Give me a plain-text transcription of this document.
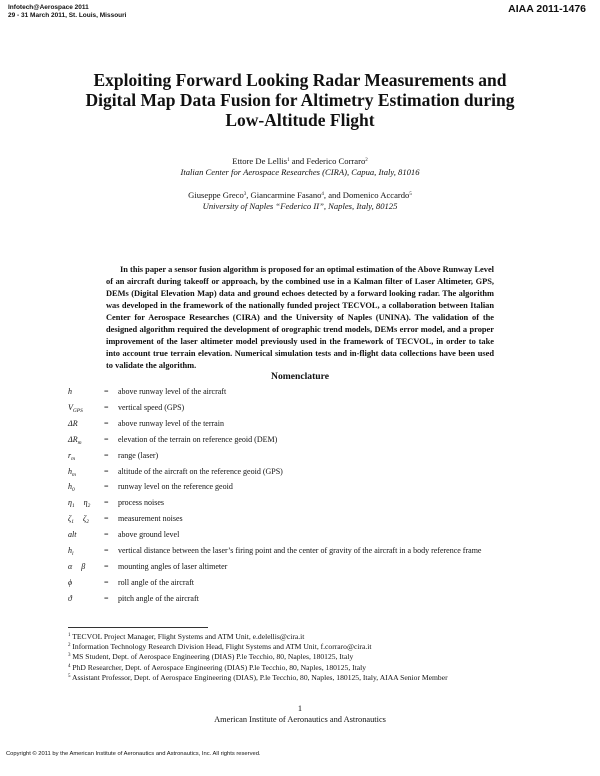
Infotech@Aerospace 2011
29 - 31 March 2011, St. Louis, Missouri
AIAA 2011-1476
Exploiting Forward Looking Radar Measurements and
Digital Map Data Fusion for Altimetry Estimation during
Low-Altitude Flight
Ettore De Lellis$^1$ and Federico Corraro$^2$
Italian Center for Aerospace Researches (CIRA), Capua, Italy, 81016
Giuseppe Greco$^3$, Giancarmine Fasano$^4$, and Domenico Accardo$^5$
University of Naples “Federico II”, Naples, Italy, 80125
In this paper a sensor fusion algorithm is proposed for an optimal estimation of the Above Runway Level of an aircraft during takeoff or approach, by the combined use in a Kalman filter of Laser Altimeter, GPS, DEMs (Digital Elevation Map) data and ground echoes detected by a forward looking radar. The algorithm was developed in the framework of the nationally funded project TECVOL, a collaboration between Italian Center for Aerospace Researches (CIRA) and the University of Naples (UNINA). The validation of the designed algorithm required the development of orographic trend models, DEMs error model, and a proper improvement of the laser altimeter model previously used in the framework of TECVOL, in order to take into account true terrain elevation. Numerical simulation tests and in-flight data collections have been used to validate the algorithm.
Nomenclature
h	=	above runway level of the aircraft
$V_{GPS}$	=	vertical speed (GPS)
ΔR	=	above runway level of the terrain
$\Delta R_m$	=	elevation of the terrain on reference geoid (DEM)
$r_m$	=	range (laser)
$h_m$	=	altitude of the aircraft on the reference geoid (GPS)
$h_0$	=	runway level on the reference geoid
$\eta_1$ $\eta_2$	=	process noises
$\zeta_1$ $\zeta_2$	=	measurement noises
alt	=	above ground level
$h_l$	=	vertical distance between the laser’s firing point and the center of gravity of the aircraft in a body reference frame
α β	=	mounting angles of laser altimeter
ϕ	=	roll angle of the aircraft
ϑ	=	pitch angle of the aircraft
$^1$ TECVOL Project Manager, Flight Systems and ATM Unit, e.delellis@cira.it
$^2$ Information Technology Research Division Head, Flight Systems and ATM Unit, f.corraro@cira.it
$^3$ MS Student, Dept. of Aerospace Engineering (DIAS) P.le Tecchio, 80, Naples, 180125, Italy
$^4$ PhD Researcher, Dept. of Aerospace Engineering (DIAS) P.le Tecchio, 80, Naples, 180125, Italy
$^5$ Assistant Professor, Dept. of Aerospace Engineering (DIAS), P.le Tecchio, 80, Naples, 180125, Italy, AIAA Senior Member
1
American Institute of Aeronautics and Astronautics
Copyright © 2011 by the American Institute of Aeronautics and Astronautics, Inc. All rights reserved.
